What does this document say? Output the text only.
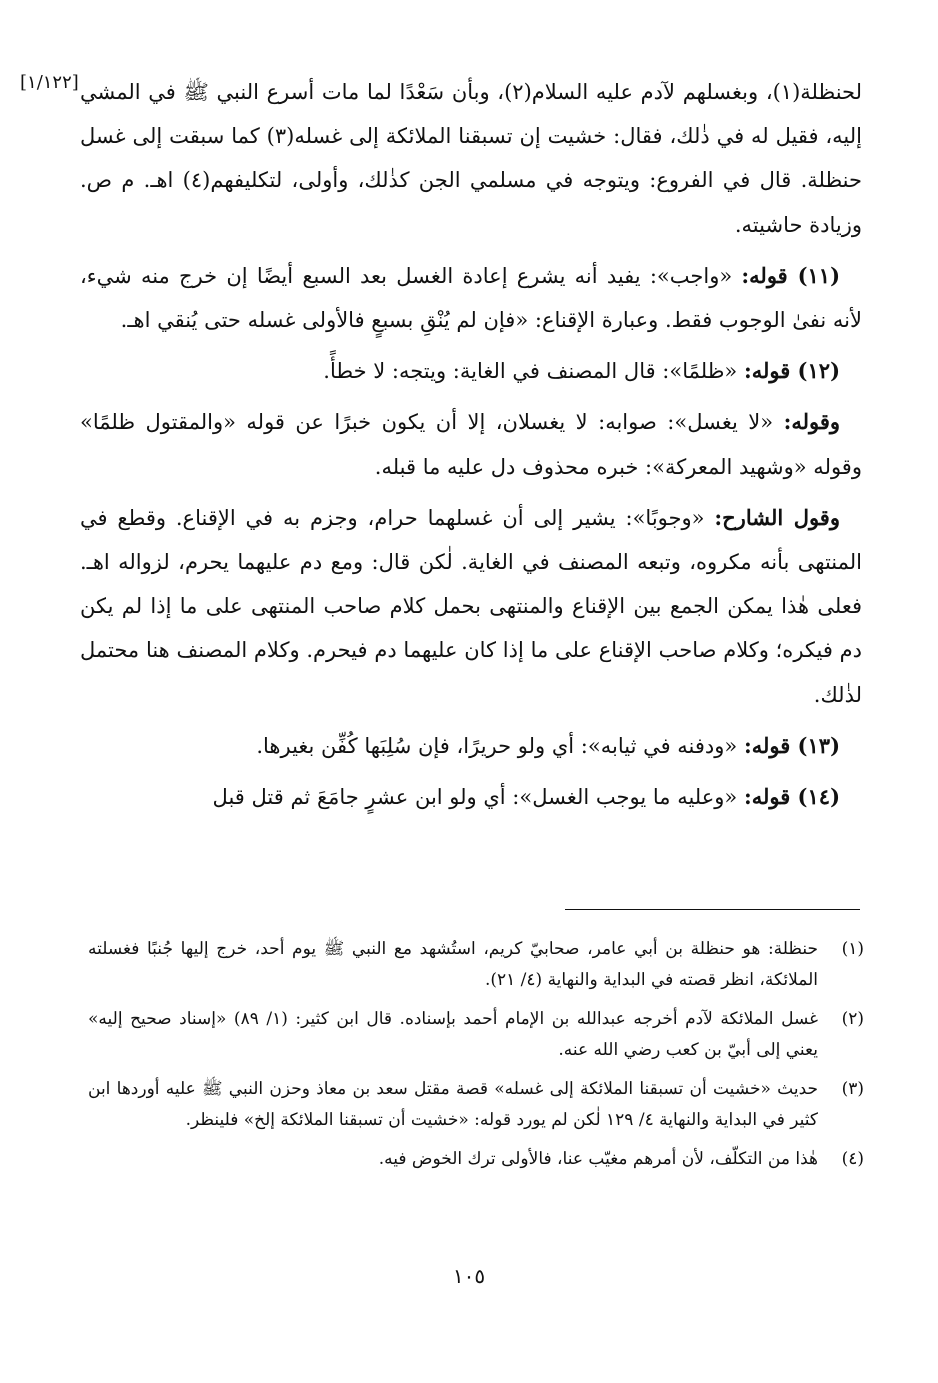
[١/١٢٢] لحنظلة(١)، وبغسلهم لآدم عليه السلام(٢)، وبأن سَعْدًا لما مات أسرع النبي ﷺ في المشي إليه، فقيل له في ذٰلك، فقال: خشيت إن تسبقنا الملائكة إلى غسله(٣) كما سبقت إلى غسل حنظلة. قال في الفروع: ويتوجه في مسلمي الجن كذٰلك، وأولى، لتكليفهم(٤) اهـ. م ص. وزيادة حاشيته.

(١١) قوله: «واجب»: يفيد أنه يشرع إعادة الغسل بعد السبع أيضًا إن خرج منه شيء، لأنه نفىٰ الوجوب فقط. وعبارة الإقناع: «فإن لم يُنْقِ بسبعٍ فالأولى غسله حتى يُنقي اهـ.

(١٢) قوله: «ظلمًا»: قال المصنف في الغاية: ويتجه: لا خطأً.

وقوله: «لا يغسل»: صوابه: لا يغسلان، إلا أن يكون خبرًا عن قوله «والمقتول ظلمًا» وقوله «وشهيد المعركة»: خبره محذوف دل عليه ما قبله.

وقول الشارح: «وجوبًا»: يشير إلى أن غسلهما حرام، وجزم به في الإقناع. وقطع في المنتهى بأنه مكروه، وتبعه المصنف في الغاية. لٰكن قال: ومع دم عليهما يحرم، لزواله اهـ. فعلى هٰذا يمكن الجمع بين الإقناع والمنتهى بحمل كلام صاحب المنتهى على ما إذا لم يكن دم فيكره؛ وكلام صاحب الإقناع على ما إذا كان عليهما دم فيحرم. وكلام المصنف هنا محتمل لذٰلك.

(١٣) قوله: «ودفنه في ثيابه»: أي ولو حريرًا، فإن سُلِبَها كُفِّن بغيرها.

(١٤) قوله: «وعليه ما يوجب الغسل»: أي ولو ابن عشرٍ جامَعَ ثم قتل قبل

(١)
حنظلة: هو حنظلة بن أبي عامر، صحابيّ كريم، استُشهد مع النبي ﷺ يوم أحد، خرج إليها جُنبًا فغسلته الملائكة، انظر قصته في البداية والنهاية (٤/ ٢١).
(٢)
غسل الملائكة لآدم أخرجه عبدالله بن الإمام أحمد بإسناده. قال ابن كثير: (١/ ٨٩) «إسناد صحيح إليه» يعني إلى أبيّ بن كعب رضي الله عنه.
(٣)
حديث «خشيت أن تسبقنا الملائكة إلى غسله» قصة مقتل سعد بن معاذ وحزن النبي ﷺ عليه أوردها ابن كثير في البداية والنهاية ٤/ ١٢٩ لٰكن لم يورد قوله: «خشيت أن تسبقنا الملائكة إلخ» فلينظر.
(٤)
هٰذا من التكلّف، لأن أمرهم مغيّب عنا، فالأولى ترك الخوض فيه.
١٠٥
